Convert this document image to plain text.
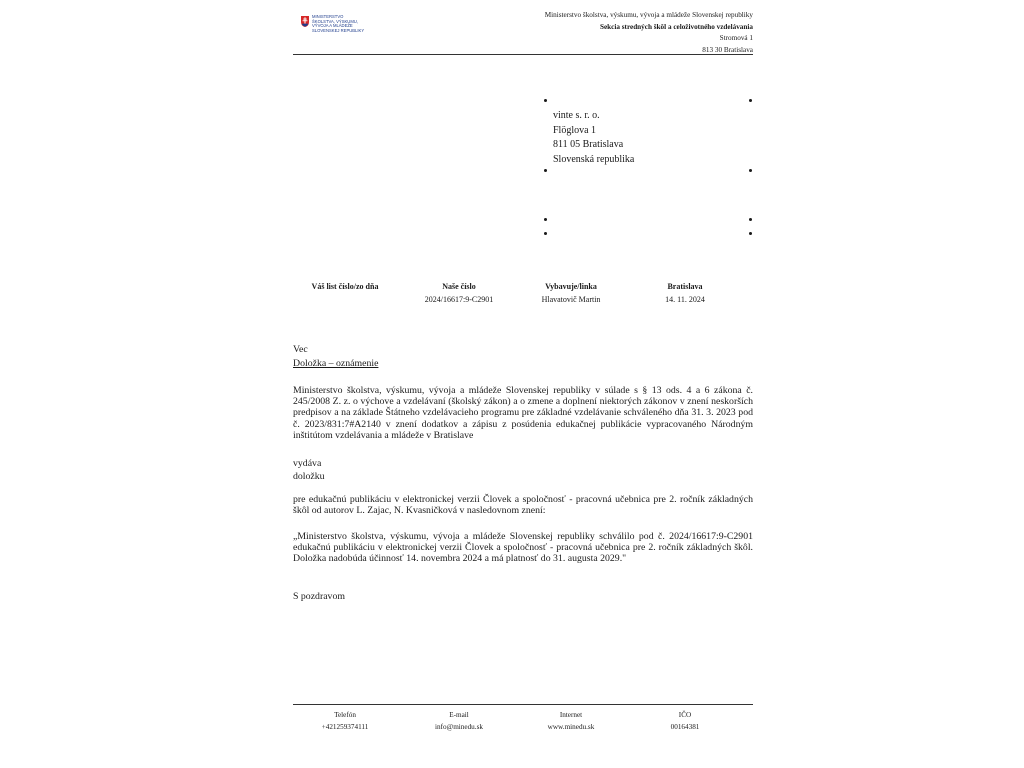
MINISTERSTVO
ŠKOLSTVA, VÝSKUMU,
VÝVOJA A MLÁDEŽE
SLOVENSKEJ REPUBLIKY
Ministerstvo školstva, výskumu, vývoja a mládeže Slovenskej republiky
Sekcia stredných škôl a celoživotného vzdelávania
Stromová 1
813 30 Bratislava
vinte s. r. o.
Flöglova 1
811 05 Bratislava
Slovenská republika
Váš list číslo/zo dňa	Naše číslo
2024/16617:9-C2901
Vybavuje/linka
Hlavatovič Martin
Bratislava
14. 11. 2024
Vec
Doložka – oznámenie
Ministerstvo školstva, výskumu, vývoja a mládeže Slovenskej republiky v súlade s § 13 ods. 4 a 6 zákona č. 245/2008 Z. z. o výchove a vzdelávaní (školský zákon) a o zmene a doplnení niektorých zákonov v znení neskorších predpisov a na základe Štátneho vzdelávacieho programu pre základné vzdelávanie schváleného dňa 31. 3. 2023 pod č. 2023/831:7#A2140 v znení dodatkov a zápisu z posúdenia edukačnej publikácie vypracovaného Národným inštitútom vzdelávania a mládeže v Bratislave
vydáva
doložku
pre edukačnú publikáciu v elektronickej verzii Človek a spoločnosť - pracovná učebnica pre 2. ročník základných škôl od autorov L. Zajac, N. Kvasničková v nasledovnom znení:
„Ministerstvo školstva, výskumu, vývoja a mládeže Slovenskej republiky schválilo pod č. 2024/16617:9-C2901 edukačnú publikáciu v elektronickej verzii Človek a spoločnosť - pracovná učebnica pre 2. ročník základných škôl. Doložka nadobúda účinnosť 14. novembra 2024 a má platnosť do 31. augusta 2029."
S pozdravom
Telefón
+421259374111
E-mail
info@minedu.sk
Internet
www.minedu.sk
IČO
00164381
